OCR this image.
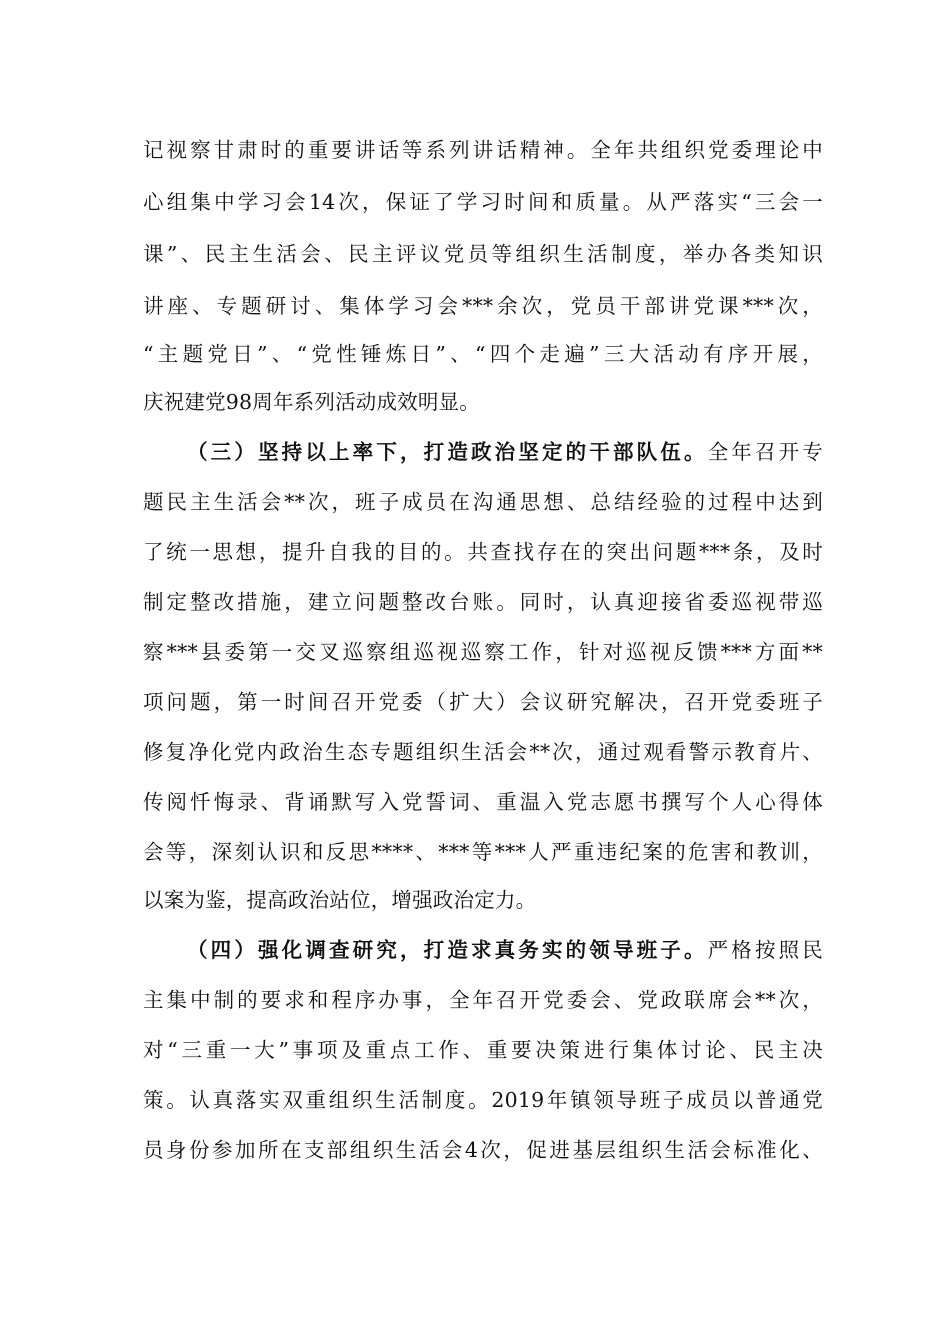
记视察甘肃时的重要讲话等系列讲话精神。全年共组织党委理论中
心组集中学习会14次，保证了学习时间和质量。从严落实“三会一
课”、民主生活会、民主评议党员等组织生活制度，举办各类知识
讲座、专题研讨、集体学习会***余次，党员干部讲党课***次，
“主题党日”、“党性锤炼日”、“四个走遍”三大活动有序开展，
庆祝建党98周年系列活动成效明显。
（三）坚持以上率下，打造政治坚定的干部队伍。全年召开专
题民主生活会**次，班子成员在沟通思想、总结经验的过程中达到
了统一思想，提升自我的目的。共查找存在的突出问题***条，及时
制定整改措施，建立问题整改台账。同时，认真迎接省委巡视带巡
察***县委第一交叉巡察组巡视巡察工作，针对巡视反馈***方面**
项问题，第一时间召开党委（扩大）会议研究解决，召开党委班子
修复净化党内政治生态专题组织生活会**次，通过观看警示教育片、
传阅忏悔录、背诵默写入党誓词、重温入党志愿书撰写个人心得体
会等，深刻认识和反思****、***等***人严重违纪案的危害和教训，
以案为鉴，提高政治站位，增强政治定力。
（四）强化调查研究，打造求真务实的领导班子。严格按照民
主集中制的要求和程序办事，全年召开党委会、党政联席会**次，
对“三重一大”事项及重点工作、重要决策进行集体讨论、民主决
策。认真落实双重组织生活制度。2019年镇领导班子成员以普通党
员身份参加所在支部组织生活会4次，促进基层组织生活会标准化、
